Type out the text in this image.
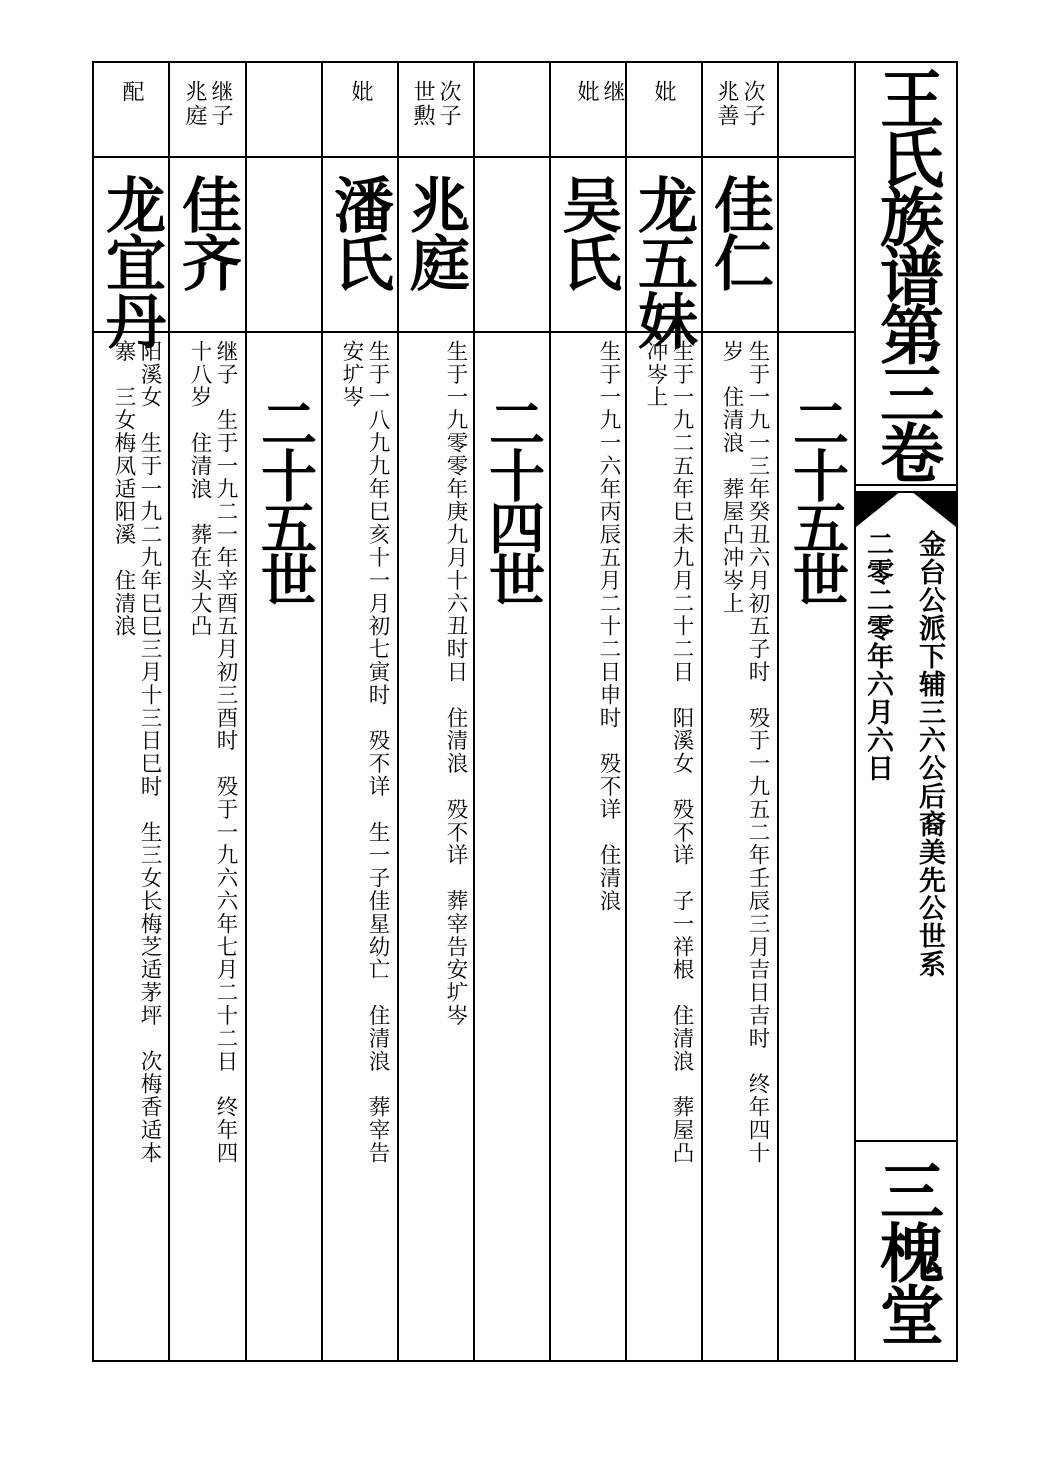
王氏族谱第三卷
金台公派下辅三六公后裔美先公世系
二零二零年六月六日
三槐堂
二十五世
次子
兆善
佳仁
生于一九一三年癸丑六月初五子时　殁于一九五二年壬辰三月吉日吉时　终年四十
岁　住清浪　葬屋凸冲岑上
妣
龙五妹
生于一九二五年巳未九月二十二日　阳溪女　殁不详　子一祥根　住清浪　葬屋凸
冲岑上
继
妣
吴氏
生于一九一六年丙辰五月二十二日申时　殁不详　住清浪
二十四世
次子
世勲
兆庭
生于一九零零年庚九月十六丑时日　住清浪　殁不详　葬宰告安圹岑
妣
潘氏
生于一八九九年巳亥十一月初七寅时　殁不详　生一子佳星幼亡　住清浪　葬宰告
安圹岑
二十五世
继子
兆庭
佳齐
继子　生于一九二一年辛酉五月初三酉时　殁于一九六六年七月二十二日　终年四
十八岁　住清浪　葬在头大凸
配
龙宜丹
阳溪女　生于一九二九年巳巳三月十三日巳时　生三女长梅芝适茅坪　次梅香适本
寨　三女梅凤适阳溪　住清浪
